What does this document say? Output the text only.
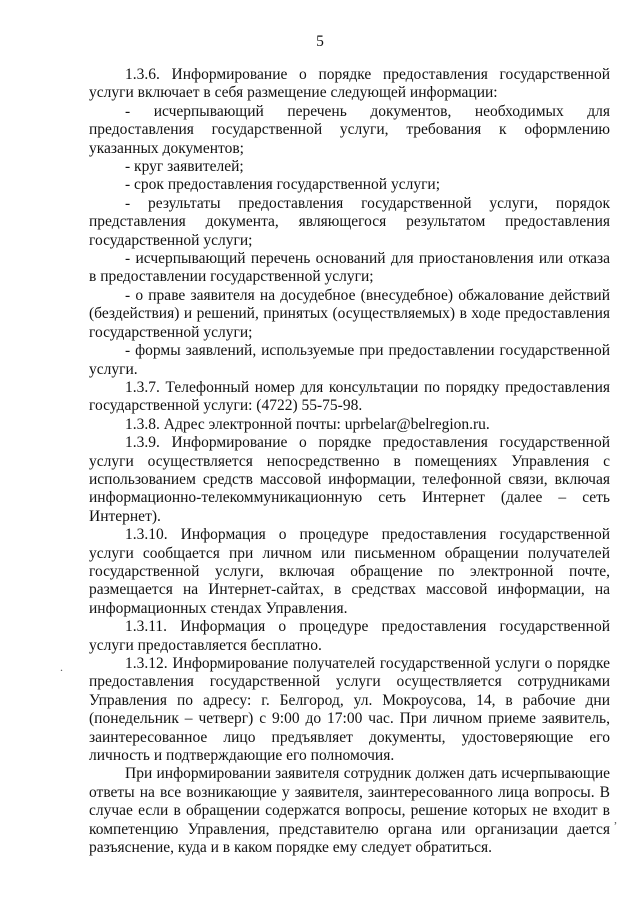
5

1.3.6. Информирование о порядке предоставления государственной услуги включает в себя размещение следующей информации:

- исчерпывающий перечень документов, необходимых для предоставления государственной услуги, требования к оформлению указанных документов;

- круг заявителей;

- срок предоставления государственной услуги;

- результаты предоставления государственной услуги, порядок представления документа, являющегося результатом предоставления государственной услуги;

- исчерпывающий перечень оснований для приостановления или отказа в предоставлении государственной услуги;

- о праве заявителя на досудебное (внесудебное) обжалование действий (бездействия) и решений, принятых (осуществляемых) в ходе предоставления государственной услуги;

- формы заявлений, используемые при предоставлении государственной услуги.

1.3.7. Телефонный номер для консультации по порядку предоставления государственной услуги: (4722) 55-75-98.

1.3.8. Адрес электронной почты: uprbelar@belregion.ru.

1.3.9. Информирование о порядке предоставления государственной услуги осуществляется непосредственно в помещениях Управления с использованием средств массовой информации, телефонной связи, включая информационно-телекоммуникационную сеть Интернет (далее – сеть Интернет).

1.3.10. Информация о процедуре предоставления государственной услуги сообщается при личном или письменном обращении получателей государственной услуги, включая обращение по электронной почте, размещается на Интернет-сайтах, в средствах массовой информации, на информационных стендах Управления.

1.3.11. Информация о процедуре предоставления государственной услуги предоставляется бесплатно.

1.3.12. Информирование получателей государственной услуги о порядке предоставления государственной услуги осуществляется сотрудниками Управления по адресу: г. Белгород, ул. Мокроусова, 14, в рабочие дни (понедельник – четверг) с 9:00 до 17:00 час. При личном приеме заявитель, заинтересованное лицо предъявляет документы, удостоверяющие его личность и подтверждающие его полномочия.

При информировании заявителя сотрудник должен дать исчерпывающие ответы на все возникающие у заявителя, заинтересованного лица вопросы. В случае если в обращении содержатся вопросы, решение которых не входит в компетенцию Управления, представителю органа или организации дается разъяснение, куда и в каком порядке ему следует обратиться.

.
,
